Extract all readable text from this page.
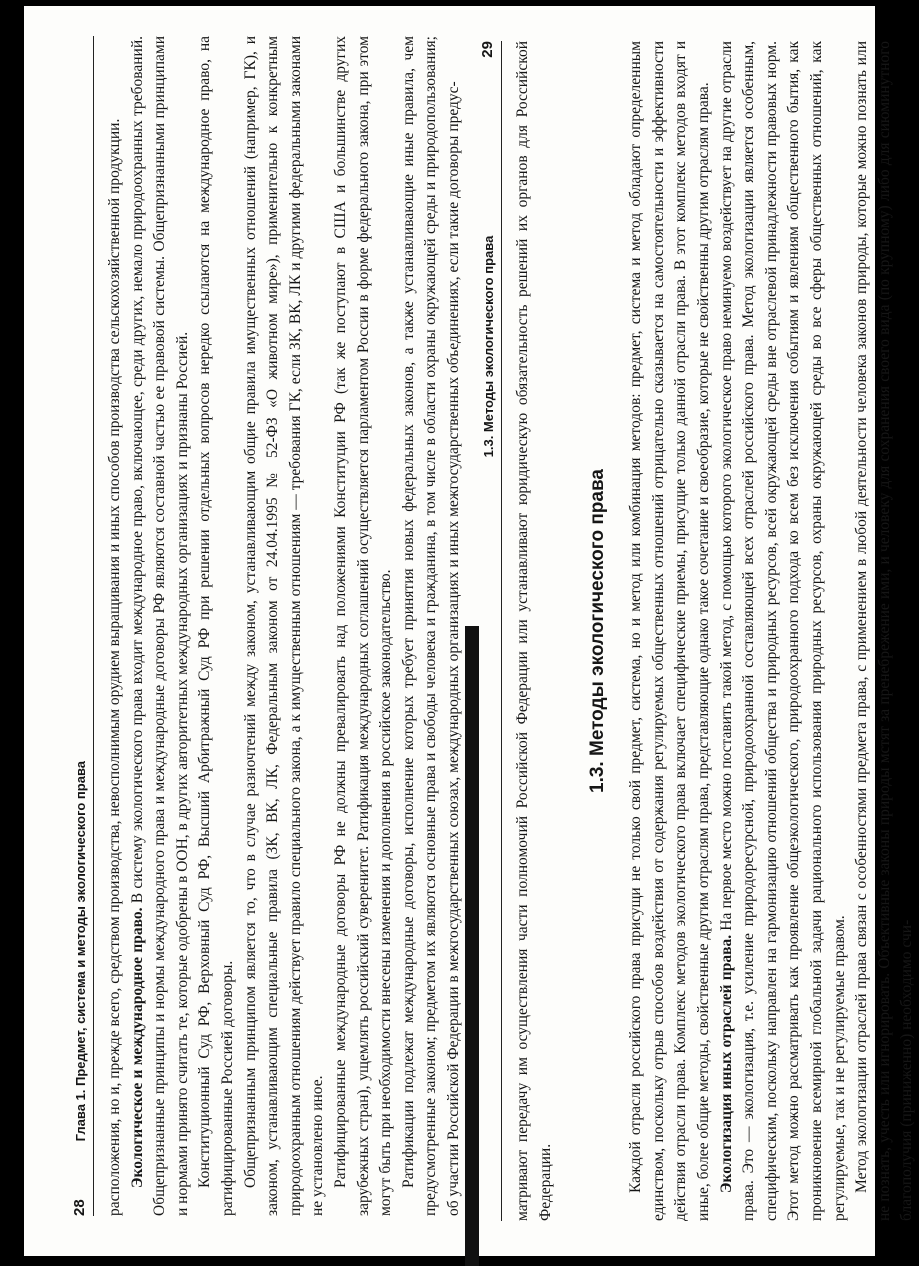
28
Глава 1. Предмет, система и методы экологического права расположения, но и, прежде всего, средством производства, невосполнимым орудием выращивания и иных способов производства сельскохозяйственной продукции. Экологическое и международное право. В систему экологического права входит международное право, включающее, среди других, немало природоохранных требований. Общепризнанные принципы и нормы международного права и международные договоры РФ являются составной частью ее правовой системы. Общепризнанными принципами и нормами принято считать те, которые одобрены в ООН, в других авторитетных международных организациях и признаны Россией. Конституционный Суд РФ, Верховный Суд РФ, Высший Арбитражный Суд РФ при решении отдельных вопросов нередко ссылаются на международное право, на ратифицированные Россией договоры. Общепризнанным принципом является то, что в случае разночтений между законом, устанавливающим общие правила имущественных отношений (например, ГК), и законом, устанавливающим специальные правила (ЗК, ВК, ЛК, Федеральным законом от 24.04.1995 № 52-ФЗ «О животном мире»), применительно к конкретным природоохранным отношениям действует правило специального закона, а к имущественным отношениям — требования ГК, если ЗК, ВК, ЛК и другими федеральными законами не установлено иное. Ратифицированные международные договоры РФ не должны превалировать над положениями Конституции РФ (так же поступают в США и большинстве других зарубежных стран), ущемлять российский суверенитет. Ратификация международных соглашений осуществляется парламентом России в форме федерального закона, при этом могут быть при необходимости внесены изменения и дополнения в российское законодательство. Ратификации подлежат международные договоры, исполнение которых требует принятия новых федеральных законов, а также устанавливающие иные правила, чем предусмотренные законом; предметом их являются основные права и свободы человека и гражданина, в том числе в области охраны окружающей среды и природопользования; об участии Российской Федерации в межгосударственных союзах, международных организациях и иных межгосударственных объединениях, если такие договоры предус- 1.3. Методы экологического права
29 матривают передачу им осуществления части полномочий Российской Федерации или устанавливают юридическую обязательность решений их органов для Российской Федерации.

1.3. Методы экологического права Каждой отрасли российского права присущи не только свой предмет, система, но и метод или комбинация методов: предмет, система и метод обладают определенным единством, поскольку отрыв способов воздействия от содержания регулируемых общественных отношений отрицательно сказывается на самостоятельности и эффективности действия отрасли права. Комплекс методов экологического права включает специфические приемы, присущие только данной отрасли права. В этот комплекс методов входят и иные, более общие методы, свойственные другим отраслям права, представляющие однако такое сочетание и своеобразие, которые не свойственны другим отраслям права. Экологизация иных отраслей права. На первое место можно поставить такой метод, с помощью которого экологическое право неминуемо воздействует на другие отрасли права. Это — экологизация, т.е. усиление природоресурсной, природоохранной составляющей всех отраслей российского права. Метод экологизации является особенным, специфическим, поскольку направлен на гармонизацию отношений общества и природных ресурсов, всей окружающей среды вне отраслевой принадлежности правовых норм. Этот метод можно рассматривать как проявление общеэкологического, природоохранного подхода ко всем без исключения событиям и явлениям общественного бытия, как проникновение всемирной глобальной задачи рационального использования природных ресурсов, охраны окружающей среды во все сферы общественных отношений, как регулируемые, так и не регулируемые правом. Метод экологизации отраслей права связан с особенностями предмета права, с применением в любой деятельности человека законов природы, которые можно познать или не познать, учесть или игнорировать. Объективные законы природы мстят за пренебрежение ими, и человеку для сохранения своего вида (по крупному) либо для сиюминутного благополучия (приниженно) необходимо счи-
